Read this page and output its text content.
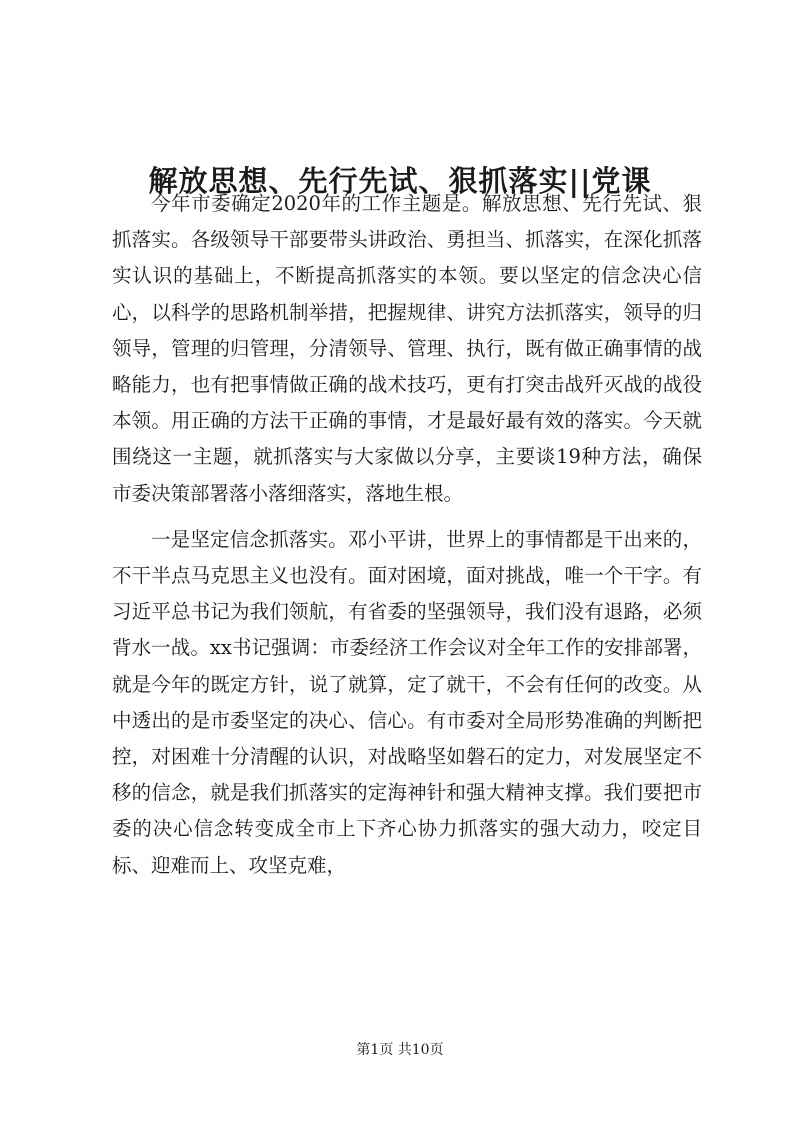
解放思想、先行先试、狠抓落实||党课

今年市委确定2020年的工作主题是。解放思想、先行先试、狠抓落实。各级领导干部要带头讲政治、勇担当、抓落实，在深化抓落实认识的基础上，不断提高抓落实的本领。要以坚定的信念决心信心，以科学的思路机制举措，把握规律、讲究方法抓落实，领导的归领导，管理的归管理，分清领导、管理、执行，既有做正确事情的战略能力，也有把事情做正确的战术技巧，更有打突击战歼灭战的战役本领。用正确的方法干正确的事情，才是最好最有效的落实。今天就围绕这一主题，就抓落实与大家做以分享，主要谈19种方法，确保市委决策部署落小落细落实，落地生根。

一是坚定信念抓落实。邓小平讲，世界上的事情都是干出来的，不干半点马克思主义也没有。面对困境，面对挑战，唯一个干字。有习近平总书记为我们领航，有省委的坚强领导，我们没有退路，必须背水一战。xx书记强调：市委经济工作会议对全年工作的安排部署，就是今年的既定方针，说了就算，定了就干，不会有任何的改变。从中透出的是市委坚定的决心、信心。有市委对全局形势准确的判断把控，对困难十分清醒的认识，对战略坚如磐石的定力，对发展坚定不移的信念，就是我们抓落实的定海神针和强大精神支撑。我们要把市委的决心信念转变成全市上下齐心协力抓落实的强大动力，咬定目标、迎难而上、攻坚克难，

第1页 共10页
